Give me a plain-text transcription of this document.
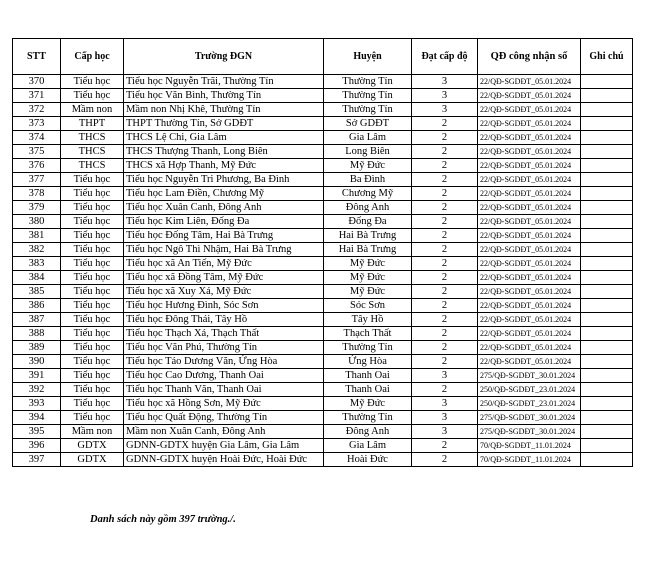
STT	Cấp học	Trường ĐGN	Huyện	Đạt cấp độ	QĐ công nhận số	Ghi chú
370	Tiểu học	Tiểu học Nguyễn Trãi, Thường Tín	Thường Tín	3	22/QĐ-SGDĐT_05.01.2024	
371	Tiểu học	Tiểu học Văn Bình, Thường Tín	Thường Tín	3	22/QĐ-SGDĐT_05.01.2024	
372	Mầm non	Mầm non Nhị Khê, Thường Tín	Thường Tín	3	22/QĐ-SGDĐT_05.01.2024	
373	THPT	THPT Thường Tín, Sở GDĐT	Sở GDĐT	2	22/QĐ-SGDĐT_05.01.2024	
374	THCS	THCS Lệ Chi, Gia Lâm	Gia Lâm	2	22/QĐ-SGDĐT_05.01.2024	
375	THCS	THCS Thượng Thanh, Long Biên	Long Biên	2	22/QĐ-SGDĐT_05.01.2024	
376	THCS	THCS xã Hợp Thanh, Mỹ Đức	Mỹ Đức	2	22/QĐ-SGDĐT_05.01.2024	
377	Tiểu học	Tiểu học Nguyễn Tri Phương, Ba Đình	Ba Đình	2	22/QĐ-SGDĐT_05.01.2024	
378	Tiểu học	Tiểu học Lam Điền, Chương Mỹ	Chương Mỹ	2	22/QĐ-SGDĐT_05.01.2024	
379	Tiểu học	Tiểu học Xuân Canh, Đông Anh	Đông Anh	2	22/QĐ-SGDĐT_05.01.2024	
380	Tiểu học	Tiểu học Kim Liên, Đống Đa	Đống Đa	2	22/QĐ-SGDĐT_05.01.2024	
381	Tiểu học	Tiểu học Đống Tâm, Hai Bà Trưng	Hai Bà Trưng	2	22/QĐ-SGDĐT_05.01.2024	
382	Tiểu học	Tiểu học Ngô Thì Nhậm, Hai Bà Trưng	Hai Bà Trưng	2	22/QĐ-SGDĐT_05.01.2024	
383	Tiểu học	Tiểu học xã An Tiến, Mỹ Đức	Mỹ Đức	2	22/QĐ-SGDĐT_05.01.2024	
384	Tiểu học	Tiểu học xã Đồng Tâm, Mỹ Đức	Mỹ Đức	2	22/QĐ-SGDĐT_05.01.2024	
385	Tiểu học	Tiểu học xã Xuy Xá, Mỹ Đức	Mỹ Đức	2	22/QĐ-SGDĐT_05.01.2024	
386	Tiểu học	Tiểu học Hương Đình, Sóc Sơn	Sóc Sơn	2	22/QĐ-SGDĐT_05.01.2024	
387	Tiểu học	Tiểu học Đông Thái, Tây Hồ	Tây Hồ	2	22/QĐ-SGDĐT_05.01.2024	
388	Tiểu học	Tiểu học Thạch Xá, Thạch Thất	Thạch Thất	2	22/QĐ-SGDĐT_05.01.2024	
389	Tiểu học	Tiểu học Văn Phú, Thường Tín	Thường Tín	2	22/QĐ-SGDĐT_05.01.2024	
390	Tiểu học	Tiểu học Tảo Dương Văn, Ứng Hòa	Ứng Hòa	2	22/QĐ-SGDĐT_05.01.2024	
391	Tiểu học	Tiểu học Cao Dương, Thanh Oai	Thanh Oai	3	275/QĐ-SGDĐT_30.01.2024	
392	Tiểu học	Tiểu học Thanh Văn, Thanh Oai	Thanh Oai	2	250/QĐ-SGDĐT_23.01.2024	
393	Tiểu học	Tiểu học xã Hồng Sơn, Mỹ Đức	Mỹ Đức	3	250/QĐ-SGDĐT_23.01.2024	
394	Tiểu học	Tiểu học Quất Động, Thường Tín	Thường Tín	3	275/QĐ-SGDĐT_30.01.2024	
395	Mầm non	Mầm non Xuân Canh, Đông Anh	Đông Anh	3	275/QĐ-SGDĐT_30.01.2024	
396	GDTX	GDNN-GDTX huyện Gia Lâm, Gia Lâm	Gia Lâm	2	70/QĐ-SGDĐT_11.01.2024	
397	GDTX	GDNN-GDTX huyện Hoài Đức, Hoài Đức	Hoài Đức	2	70/QĐ-SGDĐT_11.01.2024	
Danh sách này gồm 397 trường./.
